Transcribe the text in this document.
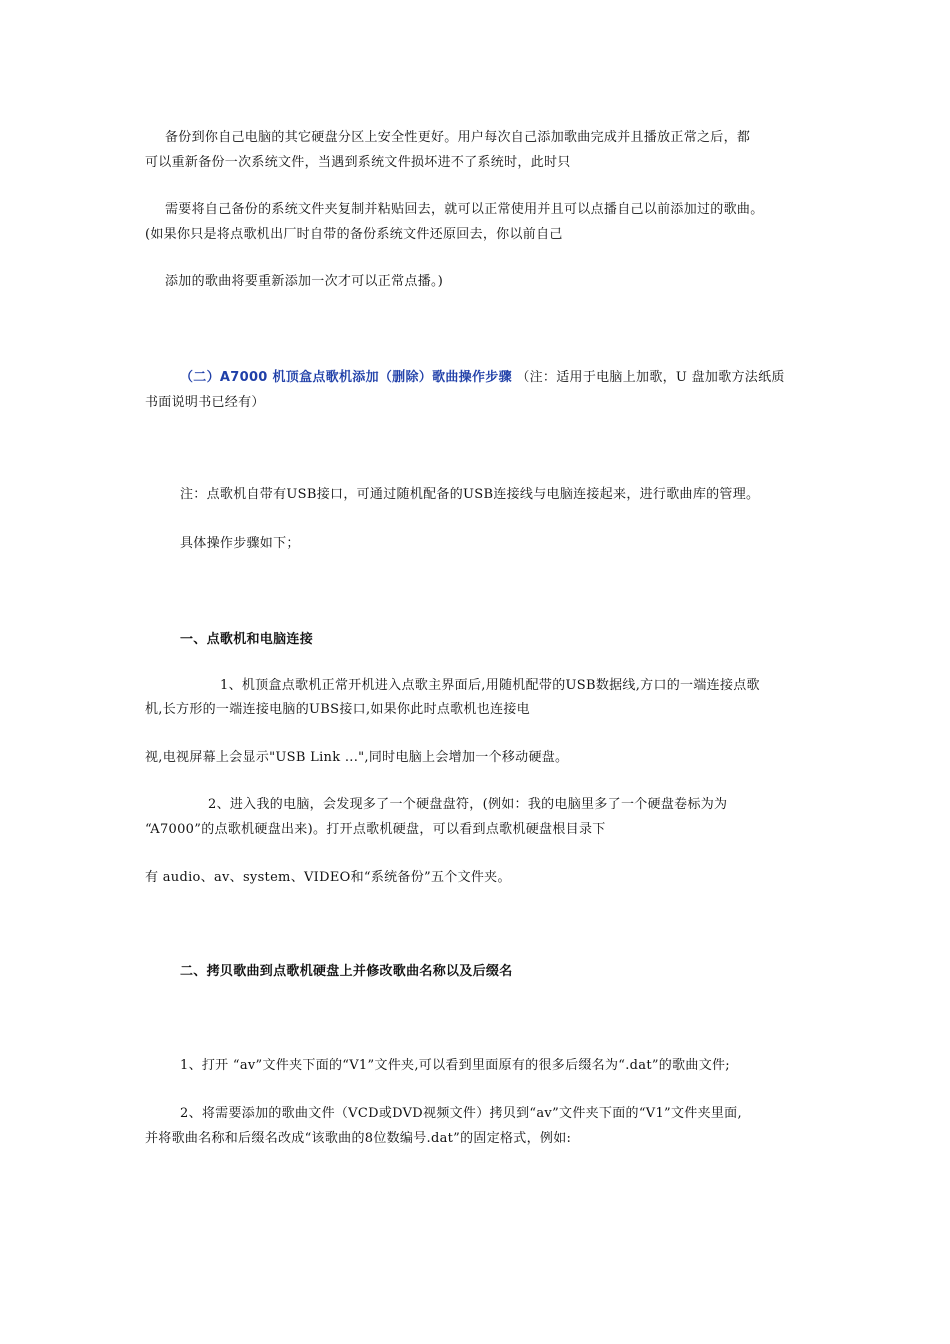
备份到你自己电脑的其它硬盘分区上安全性更好。用户每次自己添加歌曲完成并且播放正常之后，都
可以重新备份一次系统文件，当遇到系统文件损坏进不了系统时，此时只
需要将自己备份的系统文件夹复制并粘贴回去，就可以正常使用并且可以点播自己以前添加过的歌曲。
(如果你只是将点歌机出厂时自带的备份系统文件还原回去，你以前自己
添加的歌曲将要重新添加一次才可以正常点播。)
（二）A7000 机顶盒点歌机添加（删除）歌曲操作步骤 （注：适用于电脑上加歌，U 盘加歌方法纸质
书面说明书已经有）
注：点歌机自带有USB接口，可通过随机配备的USB连接线与电脑连接起来，进行歌曲库的管理。
具体操作步骤如下；
一、点歌机和电脑连接
1、机顶盒点歌机正常开机进入点歌主界面后,用随机配带的USB数据线,方口的一端连接点歌
机,长方形的一端连接电脑的UBS接口,如果你此时点歌机也连接电
视,电视屏幕上会显示"USB Link ...",同时电脑上会增加一个移动硬盘。
2、进入我的电脑，会发现多了一个硬盘盘符，(例如：我的电脑里多了一个硬盘卷标为为
“A7000”的点歌机硬盘出来)。打开点歌机硬盘，可以看到点歌机硬盘根目录下
有 audio、av、system、VIDEO和“系统备份”五个文件夹。
二、拷贝歌曲到点歌机硬盘上并修改歌曲名称以及后缀名
1、打开 “av”文件夹下面的“V1”文件夹,可以看到里面原有的很多后缀名为“.dat”的歌曲文件;
2、将需要添加的歌曲文件（VCD或DVD视频文件）拷贝到“av”文件夹下面的“V1”文件夹里面,
并将歌曲名称和后缀名改成“该歌曲的8位数编号.dat”的固定格式，例如:
